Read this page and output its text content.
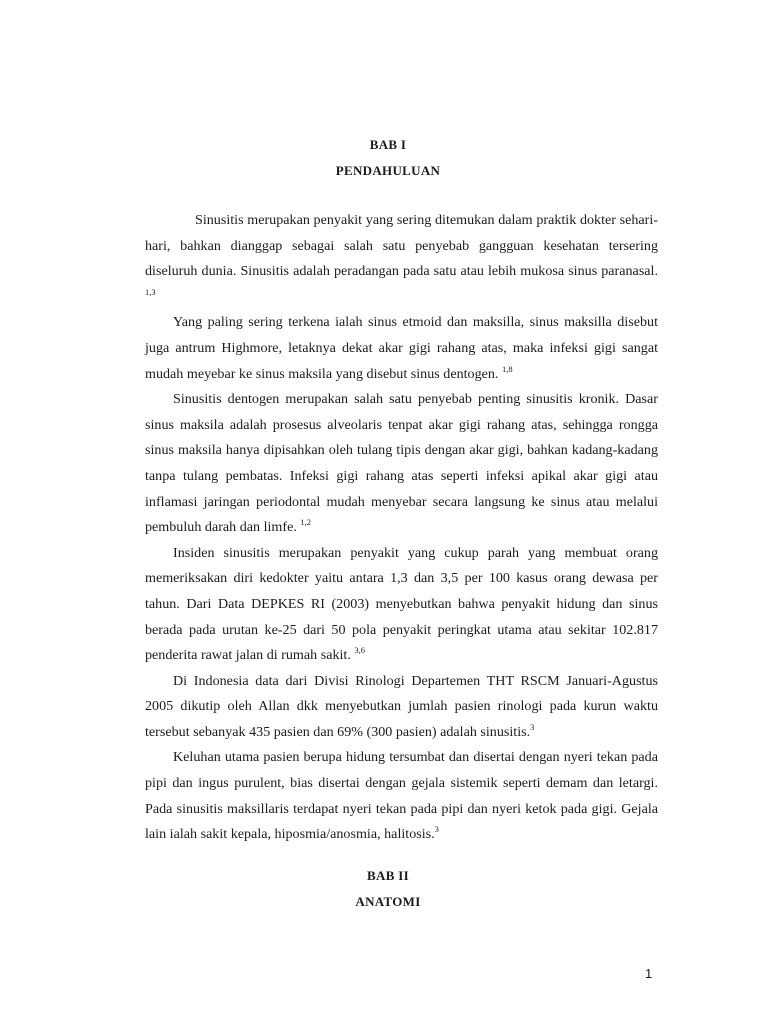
BAB I
PENDAHULUAN

Sinusitis merupakan penyakit yang sering ditemukan dalam praktik dokter sehari-hari, bahkan dianggap sebagai salah satu penyebab gangguan kesehatan tersering diseluruh dunia. Sinusitis adalah peradangan pada satu atau lebih mukosa sinus paranasal. $^{1,3}$

Yang paling sering terkena ialah sinus etmoid dan maksilla, sinus maksilla disebut juga antrum Highmore, letaknya dekat akar gigi rahang atas, maka infeksi gigi sangat mudah meyebar ke sinus maksila yang disebut sinus dentogen. $^{1,8}$

Sinusitis dentogen merupakan salah satu penyebab penting sinusitis kronik. Dasar sinus maksila adalah prosesus alveolaris tenpat akar gigi rahang atas, sehingga rongga sinus maksila hanya dipisahkan oleh tulang tipis dengan akar gigi, bahkan kadang-kadang tanpa tulang pembatas. Infeksi gigi rahang atas seperti infeksi apikal akar gigi atau inflamasi jaringan periodontal mudah menyebar secara langsung ke sinus atau melalui pembuluh darah dan limfe. $^{1,2}$

Insiden sinusitis merupakan penyakit yang cukup parah yang membuat orang memeriksakan diri kedokter yaitu antara 1,3 dan 3,5 per 100 kasus orang dewasa per tahun. Dari Data DEPKES RI (2003) menyebutkan bahwa penyakit hidung dan sinus berada pada urutan ke-25 dari 50 pola penyakit peringkat utama atau sekitar 102.817 penderita rawat jalan di rumah sakit. $^{3,6}$

Di Indonesia data dari Divisi Rinologi Departemen THT RSCM Januari-Agustus 2005 dikutip oleh Allan dkk menyebutkan jumlah pasien rinologi pada kurun waktu tersebut sebanyak 435 pasien dan 69% (300 pasien) adalah sinusitis.$^3$

Keluhan utama pasien berupa hidung tersumbat dan disertai dengan nyeri tekan pada pipi dan ingus purulent, bias disertai dengan gejala sistemik seperti demam dan letargi. Pada sinusitis maksillaris terdapat nyeri tekan pada pipi dan nyeri ketok pada gigi. Gejala lain ialah sakit kepala, hiposmia/anosmia, halitosis.$^3$

BAB II
ANATOMI
1
